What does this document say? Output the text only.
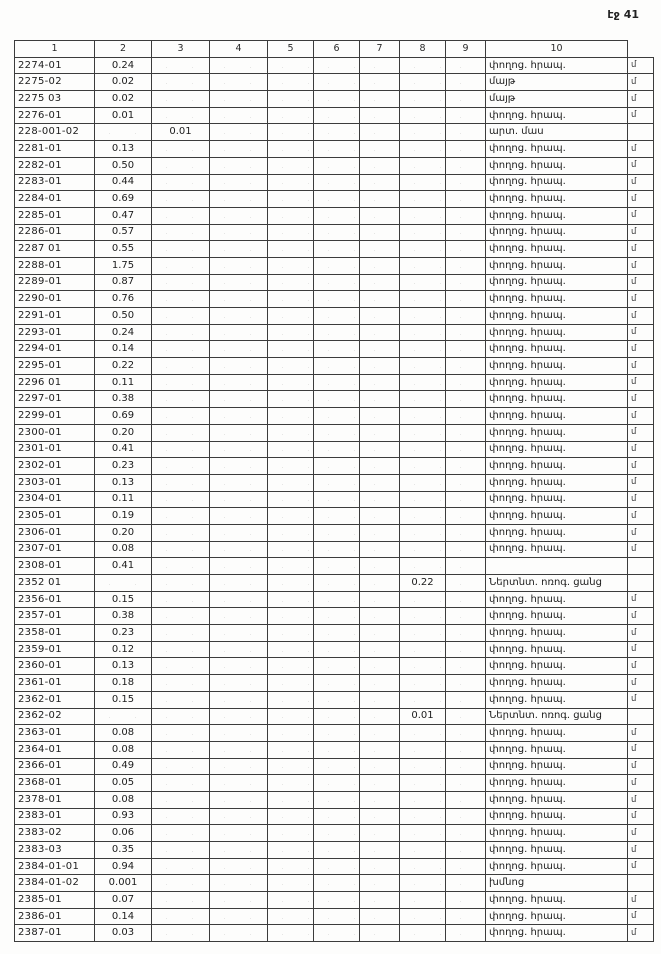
էջ 41
1	2	3	4	5	6	7	8	9	10	
2274-01	0.24								փողոց. հրապ.	մ
2275-02	0.02								մայթ	մ
2275 03	0.02								մայթ	մ
2276-01	0.01								փողոց. հրապ.	մ
228-001-02		0.01							արտ. մաս	
2281-01	0.13								փողոց. հրապ.	մ
2282-01	0.50								փողոց. հրապ.	մ
2283-01	0.44								փողոց. հրապ.	մ
2284-01	0.69								փողոց. հրապ.	մ
2285-01	0.47								փողոց. հրապ.	մ
2286-01	0.57								փողոց. հրապ.	մ
2287 01	0.55								փողոց. հրապ.	մ
2288-01	1.75								փողոց. հրապ.	մ
2289-01	0.87								փողոց. հրապ.	մ
2290-01	0.76								փողոց. հրապ.	մ
2291-01	0.50								փողոց. հրապ.	մ
2293-01	0.24								փողոց. հրապ.	մ
2294-01	0.14								փողոց. հրապ.	մ
2295-01	0.22								փողոց. հրապ.	մ
2296 01	0.11								փողոց. հրապ.	մ
2297-01	0.38								փողոց. հրապ.	մ
2299-01	0.69								փողոց. հրապ.	մ
2300-01	0.20								փողոց. հրապ.	մ
2301-01	0.41								փողոց. հրապ.	մ
2302-01	0.23								փողոց. հրապ.	մ
2303-01	0.13								փողոց. հրապ.	մ
2304-01	0.11								փողոց. հրապ.	մ
2305-01	0.19								փողոց. հրապ.	մ
2306-01	0.20								փողոց. հրապ.	մ
2307-01	0.08								փողոց. հրապ.	մ
2308-01	0.41									
2352 01							0.22		Ներտնտ. ոռոգ. ցանց	
2356-01	0.15								փողոց. հրապ.	մ
2357-01	0.38								փողոց. հրապ.	մ
2358-01	0.23								փողոց. հրապ.	մ
2359-01	0.12								փողոց. հրապ.	մ
2360-01	0.13								փողոց. հրապ.	մ
2361-01	0.18								փողոց. հրապ.	մ
2362-01	0.15								փողոց. հրապ.	մ
2362-02							0.01		Ներտնտ. ոռոգ. ցանց	
2363-01	0.08								փողոց. հրապ.	մ
2364-01	0.08								փողոց. հրապ.	մ
2366-01	0.49								փողոց. հրապ.	մ
2368-01	0.05								փողոց. հրապ.	մ
2378-01	0.08								փողոց. հրապ.	մ
2383-01	0.93								փողոց. հրապ.	մ
2383-02	0.06								փողոց. հրապ.	մ
2383-03	0.35								փողոց. հրապ.	մ
2384-01-01	0.94								փողոց. հրապ.	մ
2384-01-02	0.001								խմնոց	
2385-01	0.07								փողոց. հրապ.	մ
2386-01	0.14								փողոց. հրապ.	մ
2387-01	0.03								փողոց. հրապ.	մ
